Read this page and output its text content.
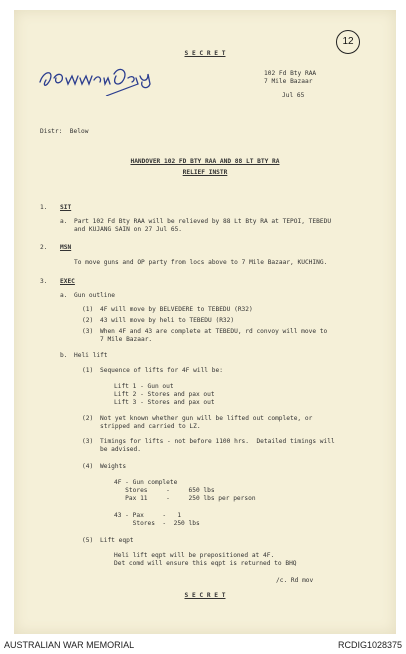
12
S E C R E T
102 Fd Bty RAA
7 Mile Bazaar
Jul 65
Distr:  Below
HANDOVER 102 FD BTY RAA AND 88 LT BTY RA
RELIEF INSTR
1. SIT
a. Part 102 Fd Bty RAA will be relieved by 88 Lt Bty RA at TEPOI, TEBEDU
and KUJANG SAIN on 27 Jul 65.
2. MSN
To move guns and OP party from locs above to 7 Mile Bazaar, KUCHING.
3. EXEC
a. Gun outline
(1) 4F will move by BELVEDERE to TEBEDU (R32)
(2) 43 will move by heli to TEBEDU (R32)
(3) When 4F and 43 are complete at TEBEDU, rd convoy will move to
7 Mile Bazaar.
b. Heli lift
(1) Sequence of lifts for 4F will be:
Lift 1 - Gun out
Lift 2 - Stores and pax out
Lift 3 - Stores and pax out
(2) Not yet known whether gun will be lifted out complete, or
stripped and carried to LZ.
(3) Timings for lifts - not before 1100 hrs.  Detailed timings will
be advised.
(4) Weights
4F - Gun complete
Stores     -     650 lbs
Pax 11     -     250 lbs per person
43 - Pax     -   1
Stores  -  250 lbs
(5) Lift eqpt
Heli lift eqpt will be prepositioned at 4F.
Det comd will ensure this eqpt is returned to BHQ
/c. Rd mov
S E C R E T
AUSTRALIAN WAR MEMORIAL	RCDIG1028375
